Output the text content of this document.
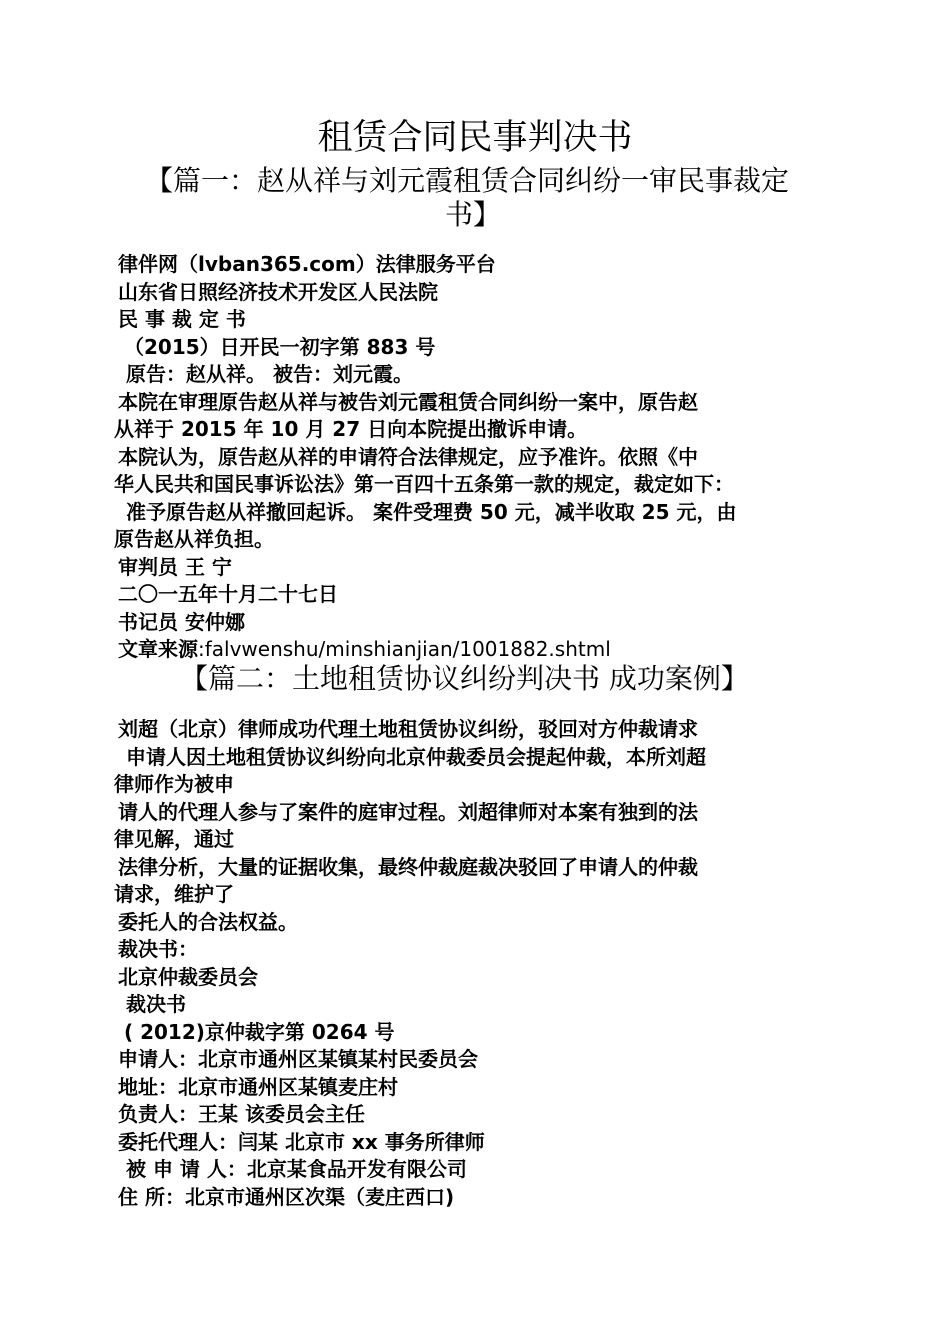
租赁合同民事判决书
【篇一：赵从祥与刘元霞租赁合同纠纷一审民事裁定
书】
律伴网（lvban365.com）法律服务平台
山东省日照经济技术开发区人民法院
民 事 裁 定 书
（2015）日开民一初字第 883 号
原告：赵从祥。 被告：刘元霞。
本院在审理原告赵从祥与被告刘元霞租赁合同纠纷一案中，原告赵
从祥于 2015 年 10 月 27 日向本院提出撤诉申请。
本院认为，原告赵从祥的申请符合法律规定，应予准许。依照《中
华人民共和国民事诉讼法》第一百四十五条第一款的规定，裁定如下：
准予原告赵从祥撤回起诉。 案件受理费 50 元，减半收取 25 元，由
原告赵从祥负担。
审判员 王 宁
二〇一五年十月二十七日
书记员 安仲娜
文章来源:falvwenshu/minshianjian/1001882.shtml
【篇二：土地租赁协议纠纷判决书 成功案例】
刘超（北京）律师成功代理土地租赁协议纠纷，驳回对方仲裁请求
申请人因土地租赁协议纠纷向北京仲裁委员会提起仲裁，本所刘超
律师作为被申
请人的代理人参与了案件的庭审过程。刘超律师对本案有独到的法
律见解，通过
法律分析，大量的证据收集，最终仲裁庭裁决驳回了申请人的仲裁
请求，维护了
委托人的合法权益。
裁决书：
北京仲裁委员会
裁决书
( 2012)京仲裁字第 0264 号
申请人：北京市通州区某镇某村民委员会
地址：北京市通州区某镇麦庄村
负责人：王某 该委员会主任
委托代理人：闫某 北京市 xx 事务所律师
被 申 请 人：北京某食品开发有限公司
住 所：北京市通州区次渠（麦庄西口)
